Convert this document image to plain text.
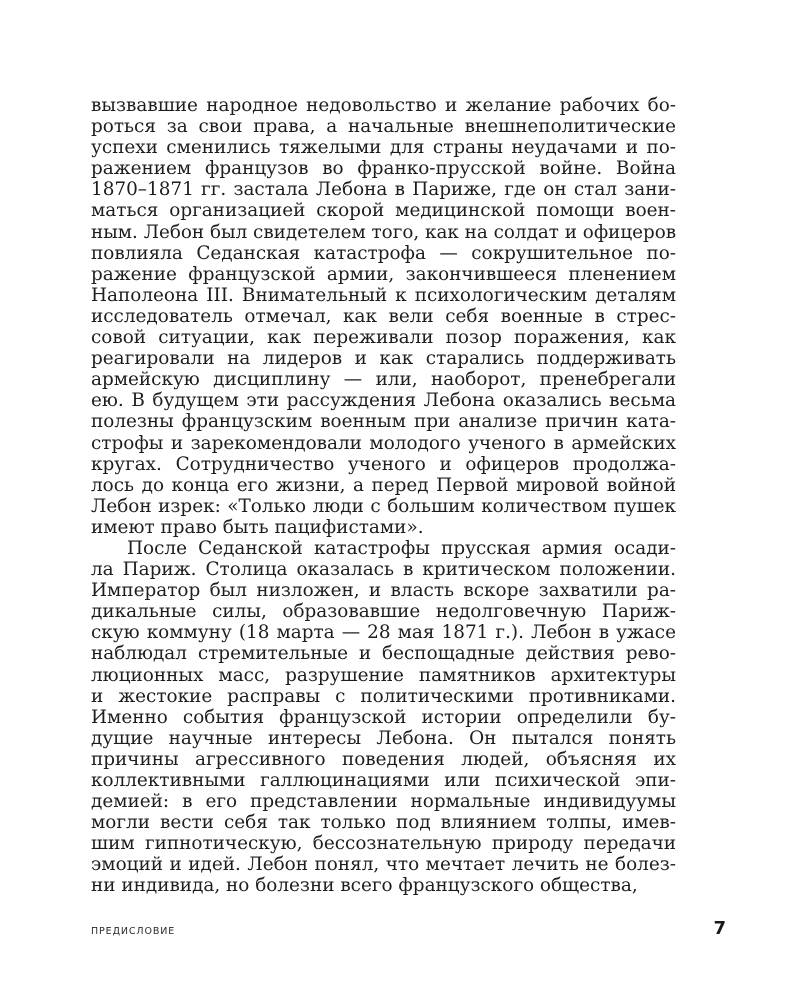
вызвавшие народное недовольство и желание рабочих бо-
роться за свои права, а начальные внешнеполитические
успехи сменились тяжелыми для страны неудачами и по-
ражением французов во франко-прусской войне. Война
1870–1871 гг. застала Лебона в Париже, где он стал зани-
маться организацией скорой медицинской помощи воен-
ным. Лебон был свидетелем того, как на солдат и офицеров
повлияла Седанская катастрофа — сокрушительное по-
ражение французской армии, закончившееся пленением
Наполеона III. Внимательный к психологическим деталям
исследователь отмечал, как вели себя военные в стрес-
совой ситуации, как переживали позор поражения, как
реагировали на лидеров и как старались поддерживать
армейскую дисциплину — или, наоборот, пренебрегали
ею. В будущем эти рассуждения Лебона оказались весьма
полезны французским военным при анализе причин ката-
строфы и зарекомендовали молодого ученого в армейских
кругах. Сотрудничество ученого и офицеров продолжа-
лось до конца его жизни, а перед Первой мировой войной
Лебон изрек: «Только люди с большим количеством пушек
имеют право быть пацифистами».
После Седанской катастрофы прусская армия осади-
ла Париж. Столица оказалась в критическом положении.
Император был низложен, и власть вскоре захватили ра-
дикальные силы, образовавшие недолговечную Париж-
скую коммуну (18 марта — 28 мая 1871 г.). Лебон в ужасе
наблюдал стремительные и беспощадные действия рево-
люционных масс, разрушение памятников архитектуры
и жестокие расправы с политическими противниками.
Именно события французской истории определили бу-
дущие научные интересы Лебона. Он пытался понять
причины агрессивного поведения людей, объясняя их
коллективными галлюцинациями или психической эпи-
демией: в его представлении нормальные индивидуумы
могли вести себя так только под влиянием толпы, имев-
шим гипнотическую, бессознательную природу передачи
эмоций и идей. Лебон понял, что мечтает лечить не болез-
ни индивида, но болезни всего французского общества,
ПРЕДИСЛОВИЕ	7
